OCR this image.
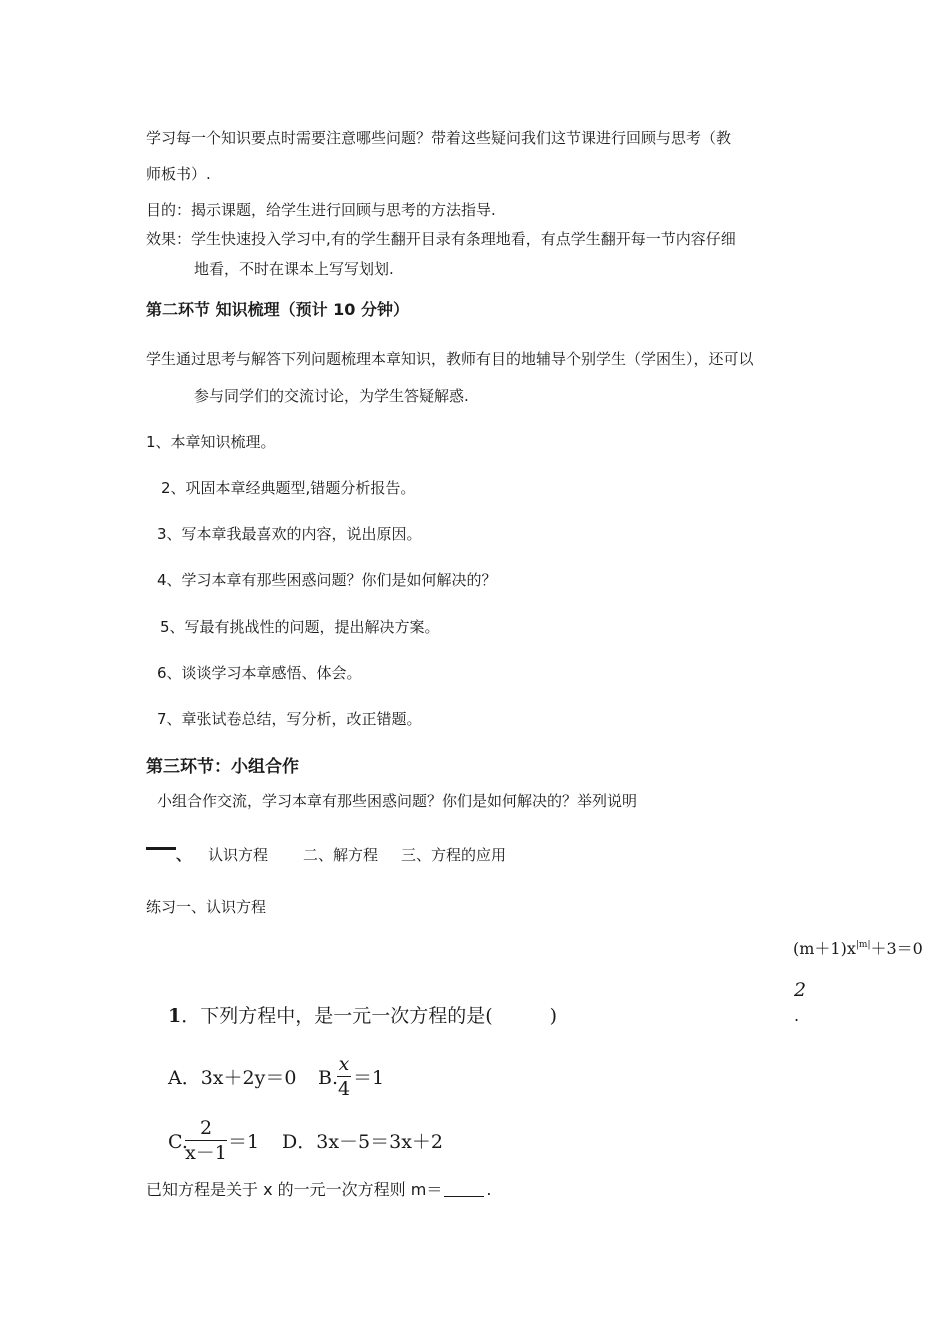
学习每一个知识要点时需要注意哪些问题？带着这些疑问我们这节课进行回顾与思考（教
师板书）.
目的：揭示课题，给学生进行回顾与思考的方法指导.
效果：学生快速投入学习中,有的学生翻开目录有条理地看，有点学生翻开每一节内容仔细
地看，不时在课本上写写划划.
第二环节 知识梳理（预计 10 分钟）
学生通过思考与解答下列问题梳理本章知识，教师有目的地辅导个别学生（学困生），还可以
参与同学们的交流讨论，为学生答疑解惑.
1、本章知识梳理。
2、巩固本章经典题型,错题分析报告。
3、写本章我最喜欢的内容，说出原因。
4、学习本章有那些困惑问题？你们是如何解决的？
5、写最有挑战性的问题，提出解决方案。
6、谈谈学习本章感悟、体会。
7、章张试卷总结，写分析，改正错题。
第三环节：小组合作
小组合作交流，学习本章有那些困惑问题？你们是如何解决的？举列说明
、 认识方程 二、解方程 三、方程的应用
练习一、认识方程
$(m+1)x^{|m|}+3=0$
2
.
1．下列方程中，是一元一次方程的是(　　　)
A．3x＋2y＝0 B.
x
4 ＝1
C.
2
x－1 ＝1 D．3x－5＝3x＋2
已知方程是关于 x 的一元一次方程则 m＝	.
